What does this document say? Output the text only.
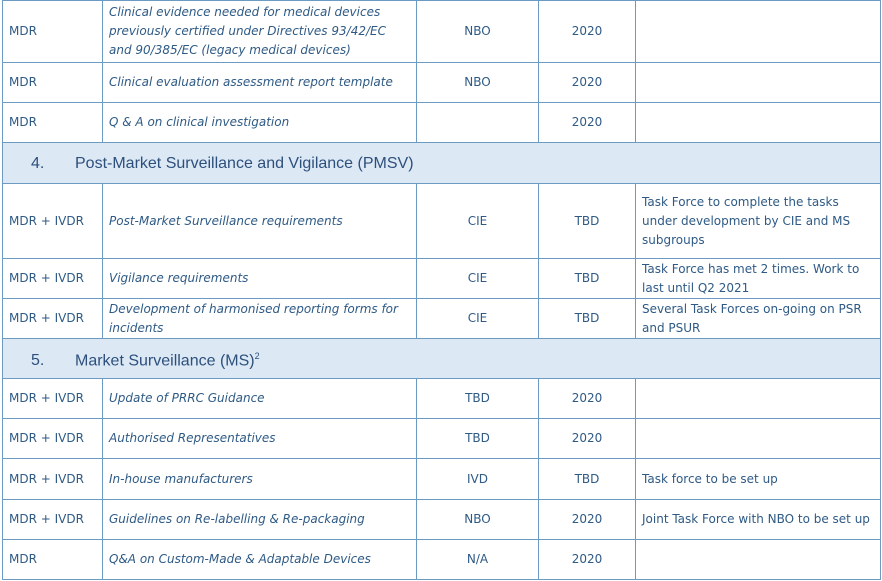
MDR	Clinical evidence needed for medical devices previously certified under Directives 93/42/EC and 90/385/EC (legacy medical devices)	NBO	2020	
MDR	Clinical evaluation assessment report template	NBO	2020	
MDR	Q & A on clinical investigation		2020	
4. Post-Market Surveillance and Vigilance (PMSV)				
MDR + IVDR	Post-Market Surveillance requirements	CIE	TBD	Task Force to complete the tasks under development by CIE and MS subgroups
MDR + IVDR	Vigilance requirements	CIE	TBD	Task Force has met 2 times. Work to last until Q2 2021
MDR + IVDR	Development of harmonised reporting forms for incidents	CIE	TBD	Several Task Forces on-going on PSR and PSUR
5. Market Surveillance (MS)$^2$
MDR + IVDR	Update of PRRC Guidance	TBD	2020	
MDR + IVDR	Authorised Representatives	TBD	2020	
MDR + IVDR	In-house manufacturers	IVD	TBD	Task force to be set up
MDR + IVDR	Guidelines on Re-labelling & Re-packaging	NBO	2020	Joint Task Force with NBO to be set up
MDR	Q&A on Custom-Made & Adaptable Devices	N/A	2020	
